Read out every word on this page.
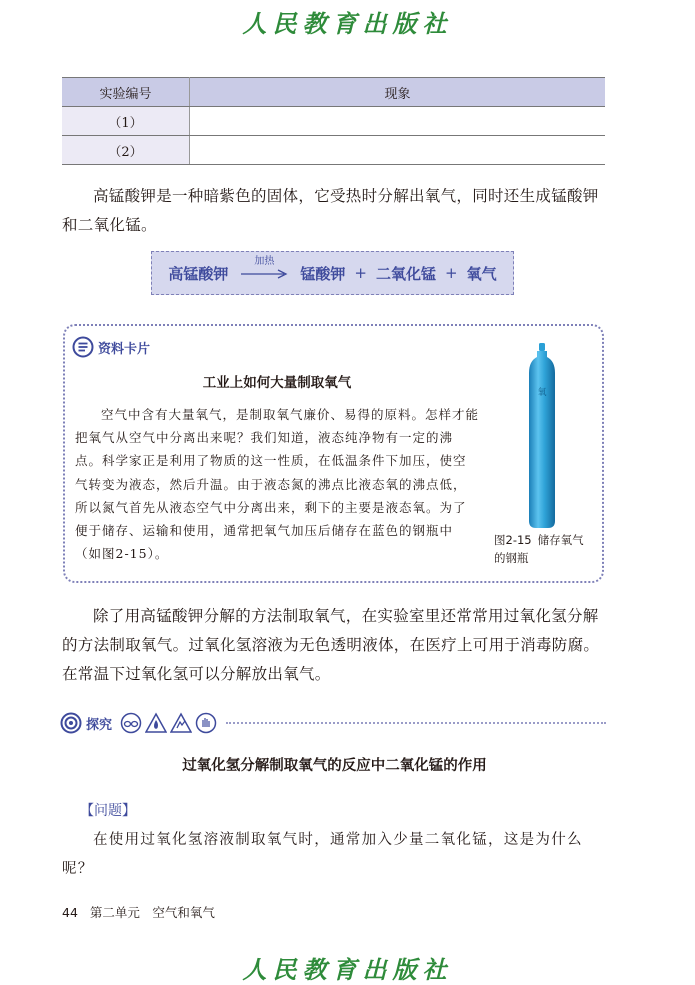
人民教育出版社
实验编号	现象
（1）	
（2）	
高锰酸钾是一种暗紫色的固体，它受热时分解出氧气，同时还生成锰酸钾和二氧化锰。
高锰酸钾
加热
锰酸钾 + 二氧化锰 + 氧气
资料卡片
工业上如何大量制取氧气
空气中含有大量氧气，是制取氧气廉价、易得的原料。怎样才能把氧气从空气中分离出来呢？我们知道，液态纯净物有一定的沸点。科学家正是利用了物质的这一性质，在低温条件下加压，使空气转变为液态，然后升温。由于液态氮的沸点比液态氧的沸点低，所以氮气首先从液态空气中分离出来，剩下的主要是液态氧。为了便于储存、运输和使用，通常把氧气加压后储存在蓝色的钢瓶中（如图2-15）。
氧
图2-15 储存氧气的钢瓶
除了用高锰酸钾分解的方法制取氧气，在实验室里还常常用过氧化氢分解的方法制取氧气。过氧化氢溶液为无色透明液体，在医疗上可用于消毒防腐。在常温下过氧化氢可以分解放出氧气。
探究
过氧化氢分解制取氧气的反应中二氧化锰的作用
【问题】
在使用过氧化氢溶液制取氧气时，通常加入少量二氧化锰，这是为什么呢？
44 第二单元　空气和氧气
人民教育出版社
